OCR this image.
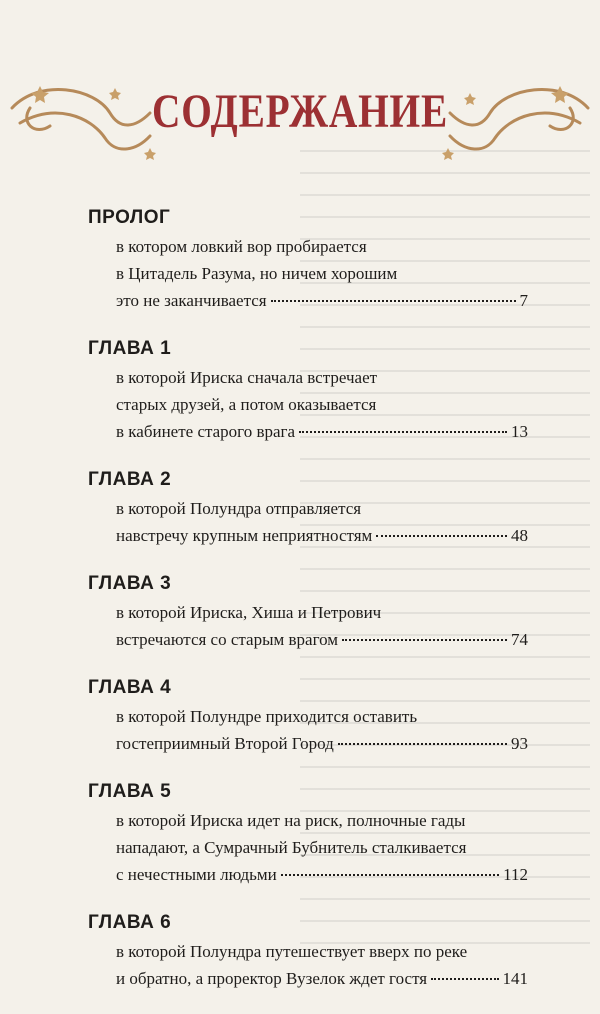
СОДЕРЖАНИЕ
ПРОЛОГ
в котором ловкий вор пробирается
в Цитадель Разума, но ничем хорошим
это не заканчивается	7
ГЛАВА 1
в которой Ириска сначала встречает
старых друзей, а потом оказывается
в кабинете старого врага	13
ГЛАВА 2
в которой Полундра отправляется
навстречу крупным неприятностям	48
ГЛАВА 3
в которой Ириска, Хиша и Петрович
встречаются со старым врагом	74
ГЛАВА 4
в которой Полундре приходится оставить
гостеприимный Второй Город	93
ГЛАВА 5
в которой Ириска идет на риск, полночные гады
нападают, а Сумрачный Бубнитель сталкивается
с нечестными людьми	112
ГЛАВА 6
в которой Полундра путешествует вверх по реке
и обратно, а проректор Вузелок ждет гостя	141
